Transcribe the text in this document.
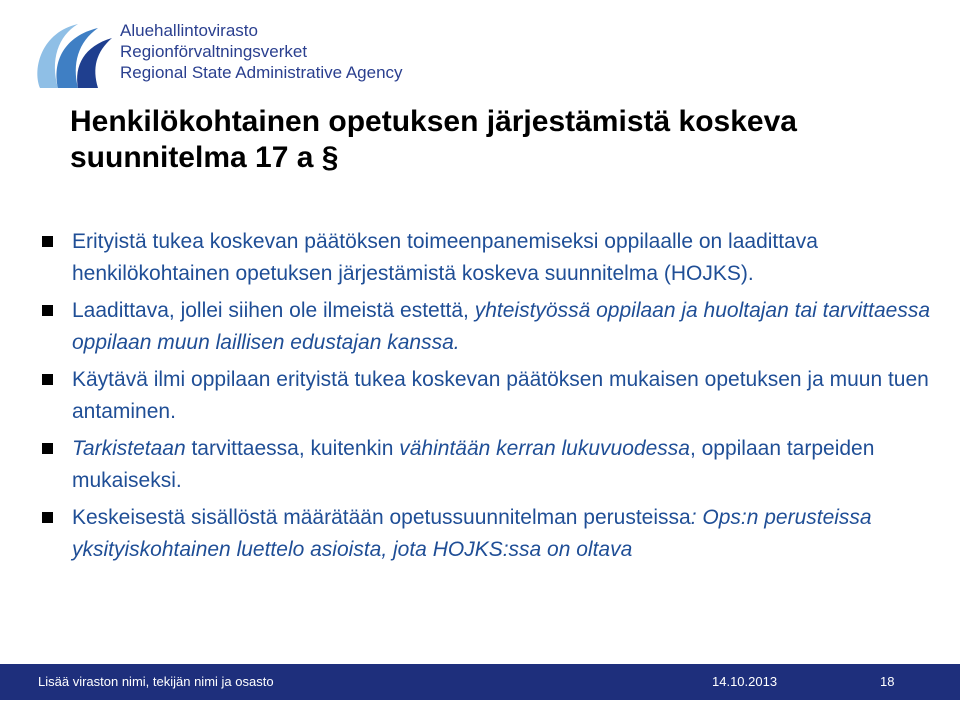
Aluehallintovirasto
Regionförvaltningsverket
Regional State Administrative Agency
Henkilökohtainen opetuksen järjestämistä koskeva
suunnitelma 17 a §
Erityistä tukea koskevan päätöksen toimeenpanemiseksi oppilaalle on laadittava henkilökohtainen opetuksen järjestämistä koskeva suunnitelma (HOJKS).
Laadittava, jollei siihen ole ilmeistä estettä, yhteistyössä oppilaan ja huoltajan tai tarvittaessa oppilaan muun laillisen edustajan kanssa.
Käytävä ilmi oppilaan erityistä tukea koskevan päätöksen mukaisen opetuksen ja muun tuen antaminen.
Tarkistetaan tarvittaessa, kuitenkin vähintään kerran lukuvuodessa, oppilaan tarpeiden mukaiseksi.
Keskeisestä sisällöstä määrätään opetussuunnitelman perusteissa: Ops:n perusteissa yksityiskohtainen luettelo asioista, jota HOJKS:ssa on oltava
Lisää viraston nimi, tekijän nimi ja osasto	14.10.2013	18
